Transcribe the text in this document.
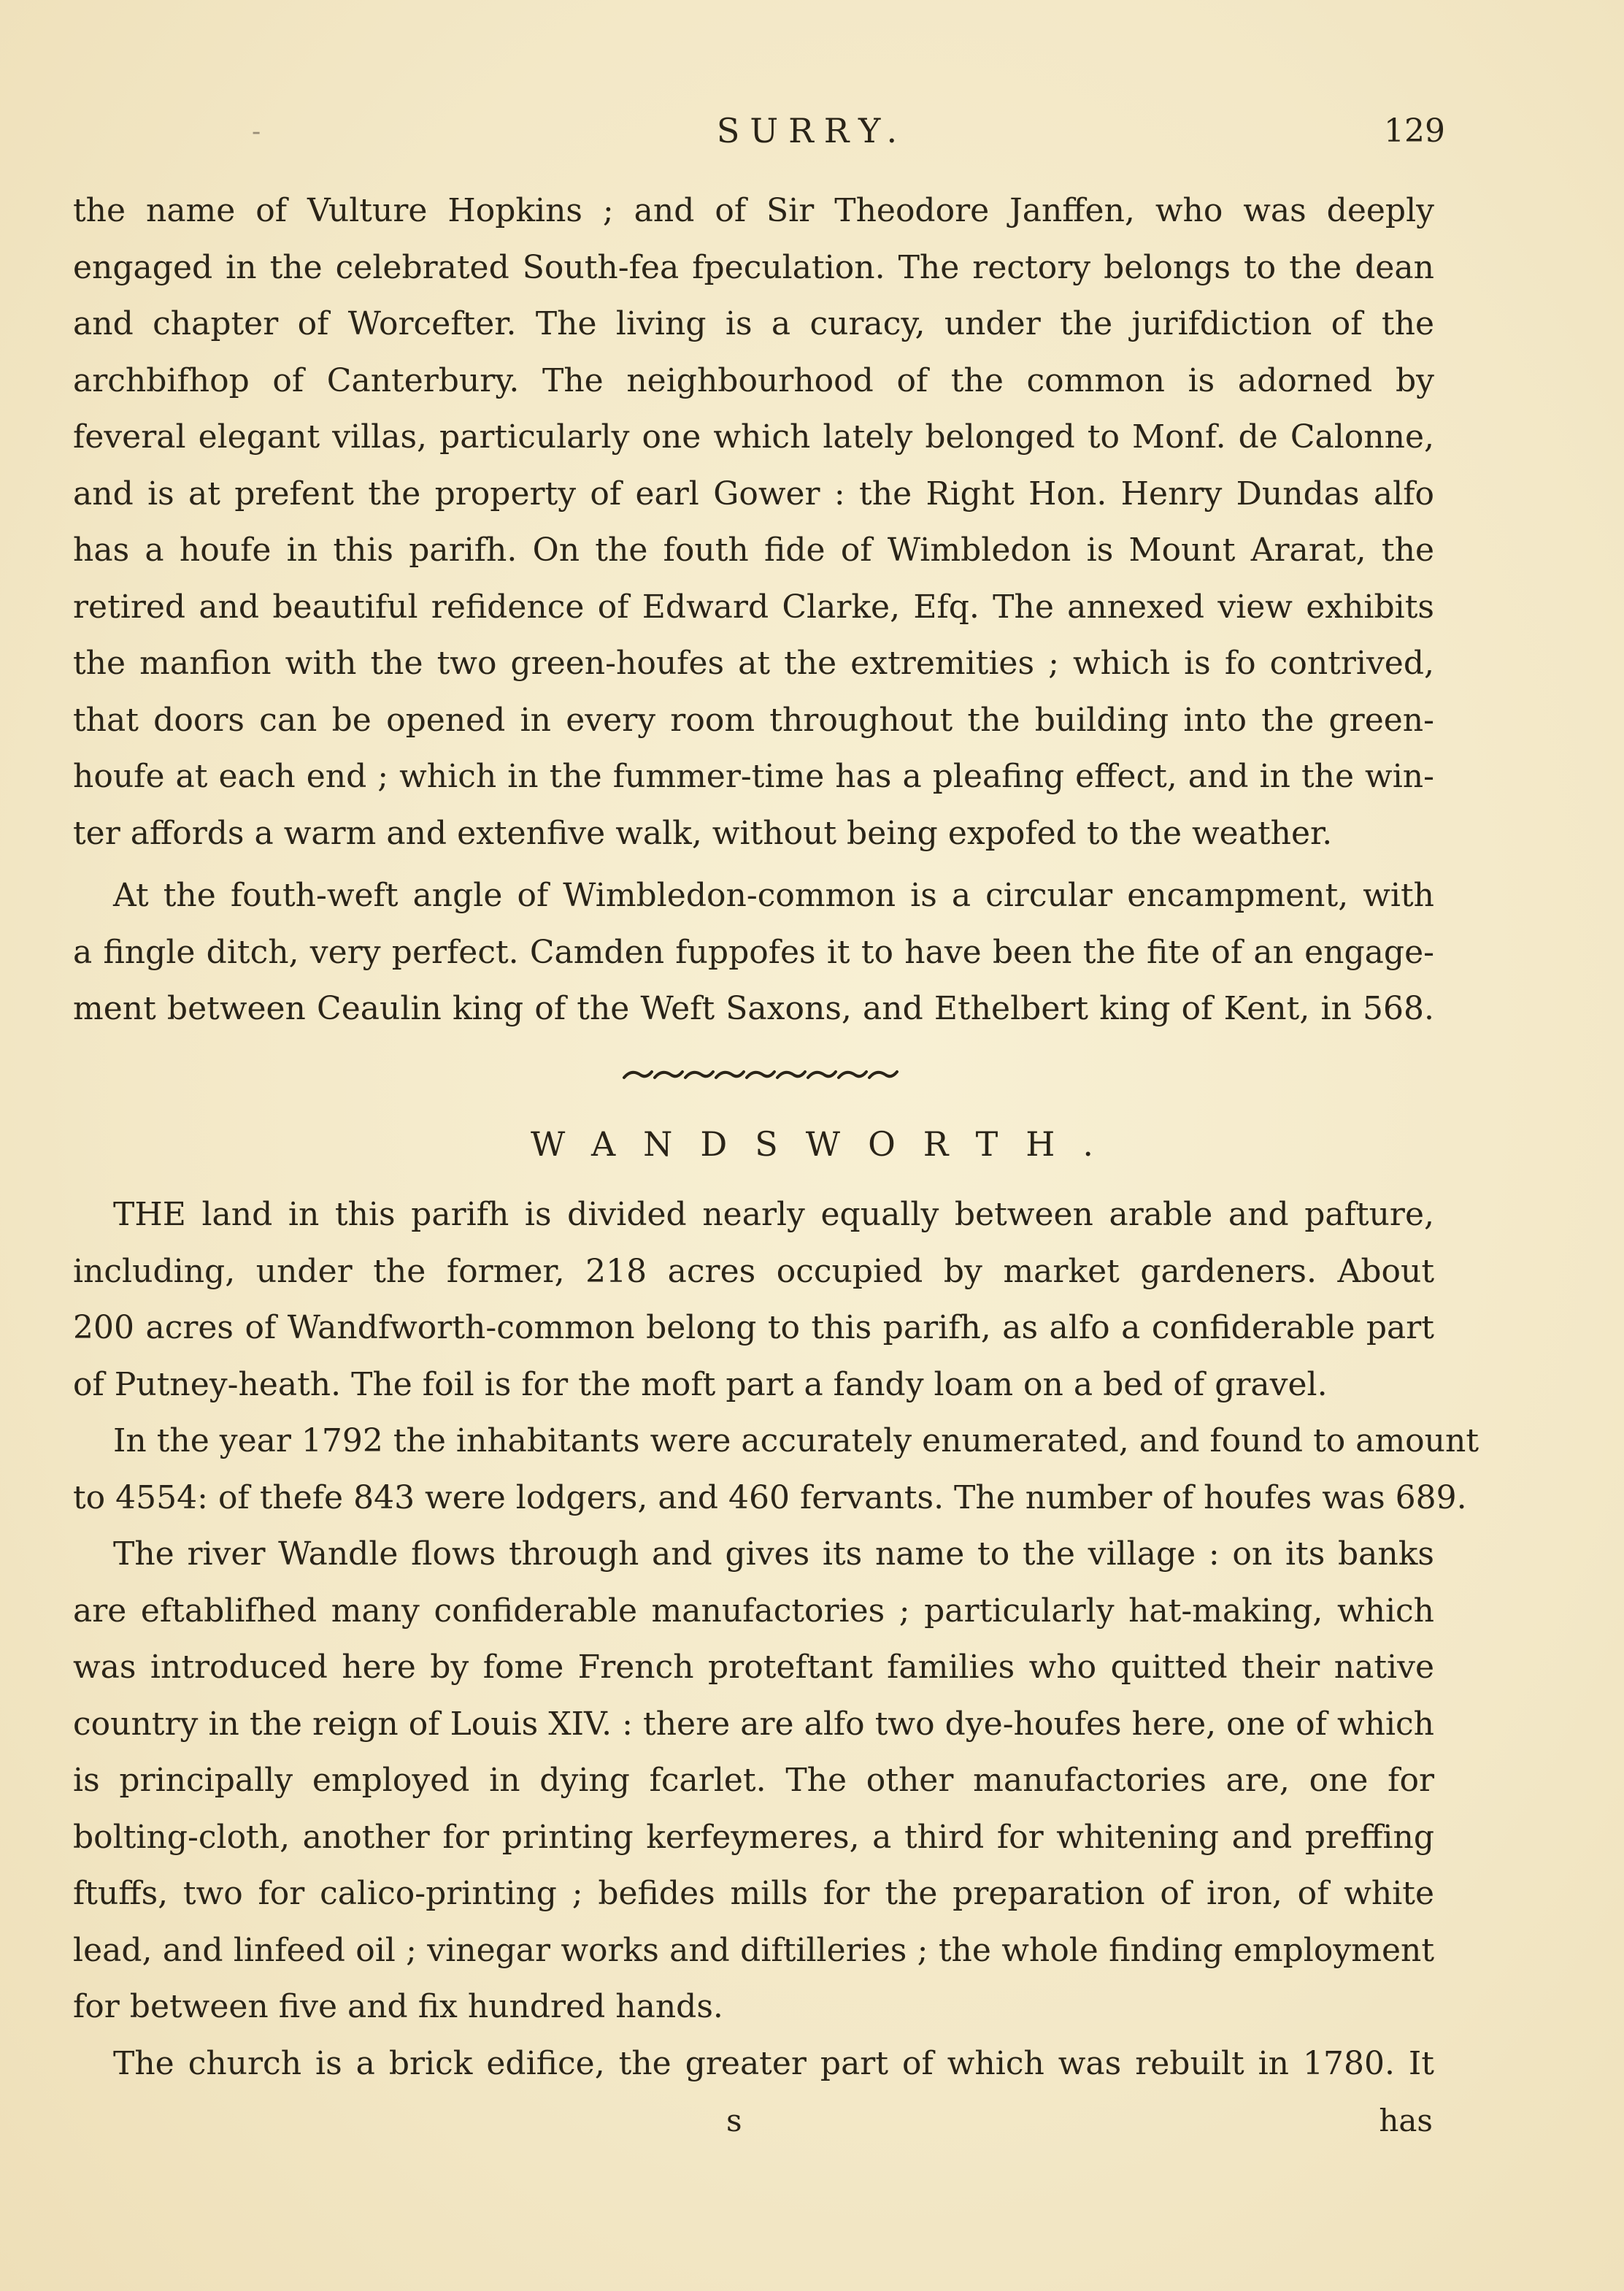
-	SURRY.	129
the name of Vulture Hopkins ; and of Sir Theodore Janffen, who was deeply
engaged in the celebrated South-fea fpeculation. The rectory belongs to the dean
and chapter of Worcefter. The living is a curacy, under the jurifdiction of the
archbifhop of Canterbury. The neighbourhood of the common is adorned by
feveral elegant villas, particularly one which lately belonged to Monf. de Calonne,
and is at prefent the property of earl Gower : the Right Hon. Henry Dundas alfo
has a houfe in this parifh. On the fouth fide of Wimbledon is Mount Ararat, the
retired and beautiful refidence of Edward Clarke, Efq. The annexed view exhibits
the manfion with the two green-houfes at the extremities ; which is fo contrived,
that doors can be opened in every room throughout the building into the green-
houfe at each end ; which in the fummer-time has a pleafing effect, and in the win-
ter affords a warm and extenfive walk, without being expofed to the weather.
At the fouth-weft angle of Wimbledon-common is a circular encampment, with
a fingle ditch, very perfect. Camden fuppofes it to have been the fite of an engage-
ment between Ceaulin king of the Weft Saxons, and Ethelbert king of Kent, in 568.
WANDSWORTH.
THE land in this parifh is divided nearly equally between arable and pafture,
including, under the former, 218 acres occupied by market gardeners. About
200 acres of Wandfworth-common belong to this parifh, as alfo a confiderable part
of Putney-heath. The foil is for the moft part a fandy loam on a bed of gravel.
In the year 1792 the inhabitants were accurately enumerated, and found to amount
to 4554: of thefe 843 were lodgers, and 460 fervants. The number of houfes was 689.
The river Wandle flows through and gives its name to the village : on its banks
are eftablifhed many confiderable manufactories ; particularly hat-making, which
was introduced here by fome French proteftant families who quitted their native
country in the reign of Louis XIV. : there are alfo two dye-houfes here, one of which
is principally employed in dying fcarlet. The other manufactories are, one for
bolting-cloth, another for printing kerfeymeres, a third for whitening and preffing
ftuffs, two for calico-printing ; befides mills for the preparation of iron, of white
lead, and linfeed oil ; vinegar works and diftilleries ; the whole finding employment
for between five and fix hundred hands.
The church is a brick edifice, the greater part of which was rebuilt in 1780. It
s	has
